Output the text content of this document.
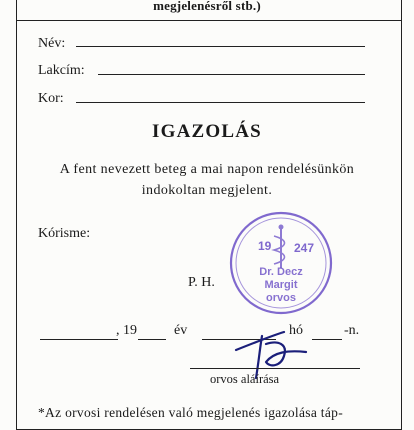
megjelenésről stb.)
Név:
Lakcím:
Kor:
IGAZOLÁS
A fent nevezett beteg a mai napon rendelésünkön
indokoltan megjelent.
Kórisme:
P. H.
19 247
Dr. Decz
Margit
orvos
, 19	év	hó	-n.
orvos aláírása
*Az orvosi rendelésen való megjelenés igazolása táp-
